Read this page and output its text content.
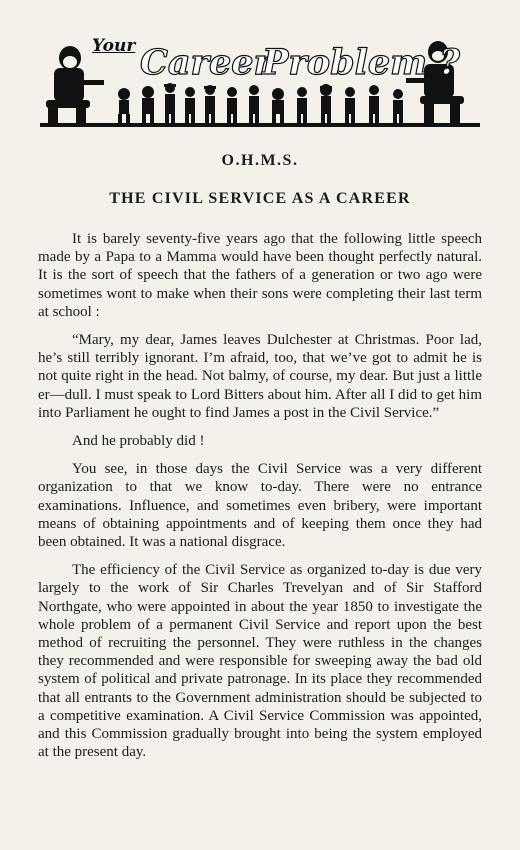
Your Career
Problem ?
O.H.M.S.
THE CIVIL SERVICE AS A CAREER

It is barely seventy-five years ago that the following little speech made by a Papa to a Mamma would have been thought perfectly natural. It is the sort of speech that the fathers of a generation or two ago were sometimes wont to make when their sons were completing their last term at school :

“Mary, my dear, James leaves Dulchester at Christmas. Poor lad, he’s still terribly ignorant. I’m afraid, too, that we’ve got to admit he is not quite right in the head. Not balmy, of course, my dear. But just a little er—dull. I must speak to Lord Bitters about him. After all I did to get him into Parliament he ought to find James a post in the Civil Service.”

And he probably did !

You see, in those days the Civil Service was a very different organization to that we know to-day. There were no entrance examinations. Influence, and sometimes even bribery, were important means of obtaining appointments and of keeping them once they had been obtained. It was a national disgrace.

The efficiency of the Civil Service as organized to-day is due very largely to the work of Sir Charles Trevelyan and of Sir Stafford Northgate, who were appointed in about the year 1850 to investigate the whole problem of a permanent Civil Service and report upon the best method of recruiting the personnel. They were ruthless in the changes they recommended and were responsible for sweeping away the bad old system of political and private patronage. In its place they recommended that all entrants to the Government administration should be subjected to a competitive examination. A Civil Service Commission was appointed, and this Commission gradually brought into being the system employed at the present day.
